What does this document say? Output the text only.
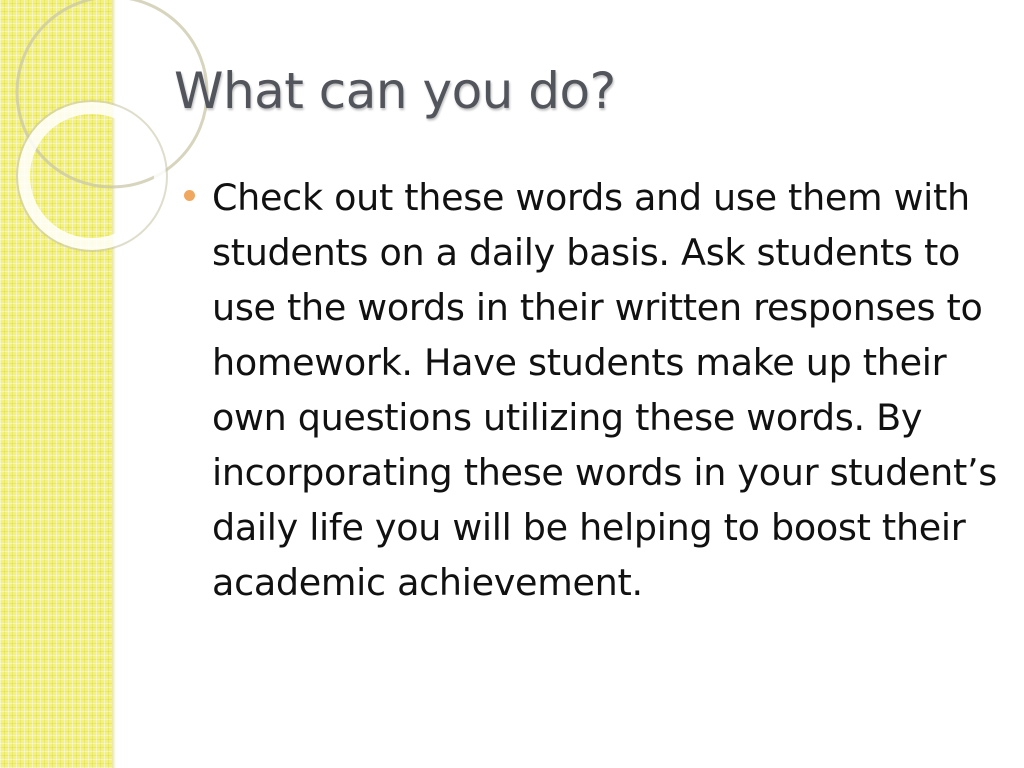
What can you do?

Check out these words and use them with students on a daily basis. Ask students to use the words in their written responses to homework. Have students make up their own questions utilizing these words. By incorporating these words in your student’s daily life you will be helping to boost their academic achievement.
